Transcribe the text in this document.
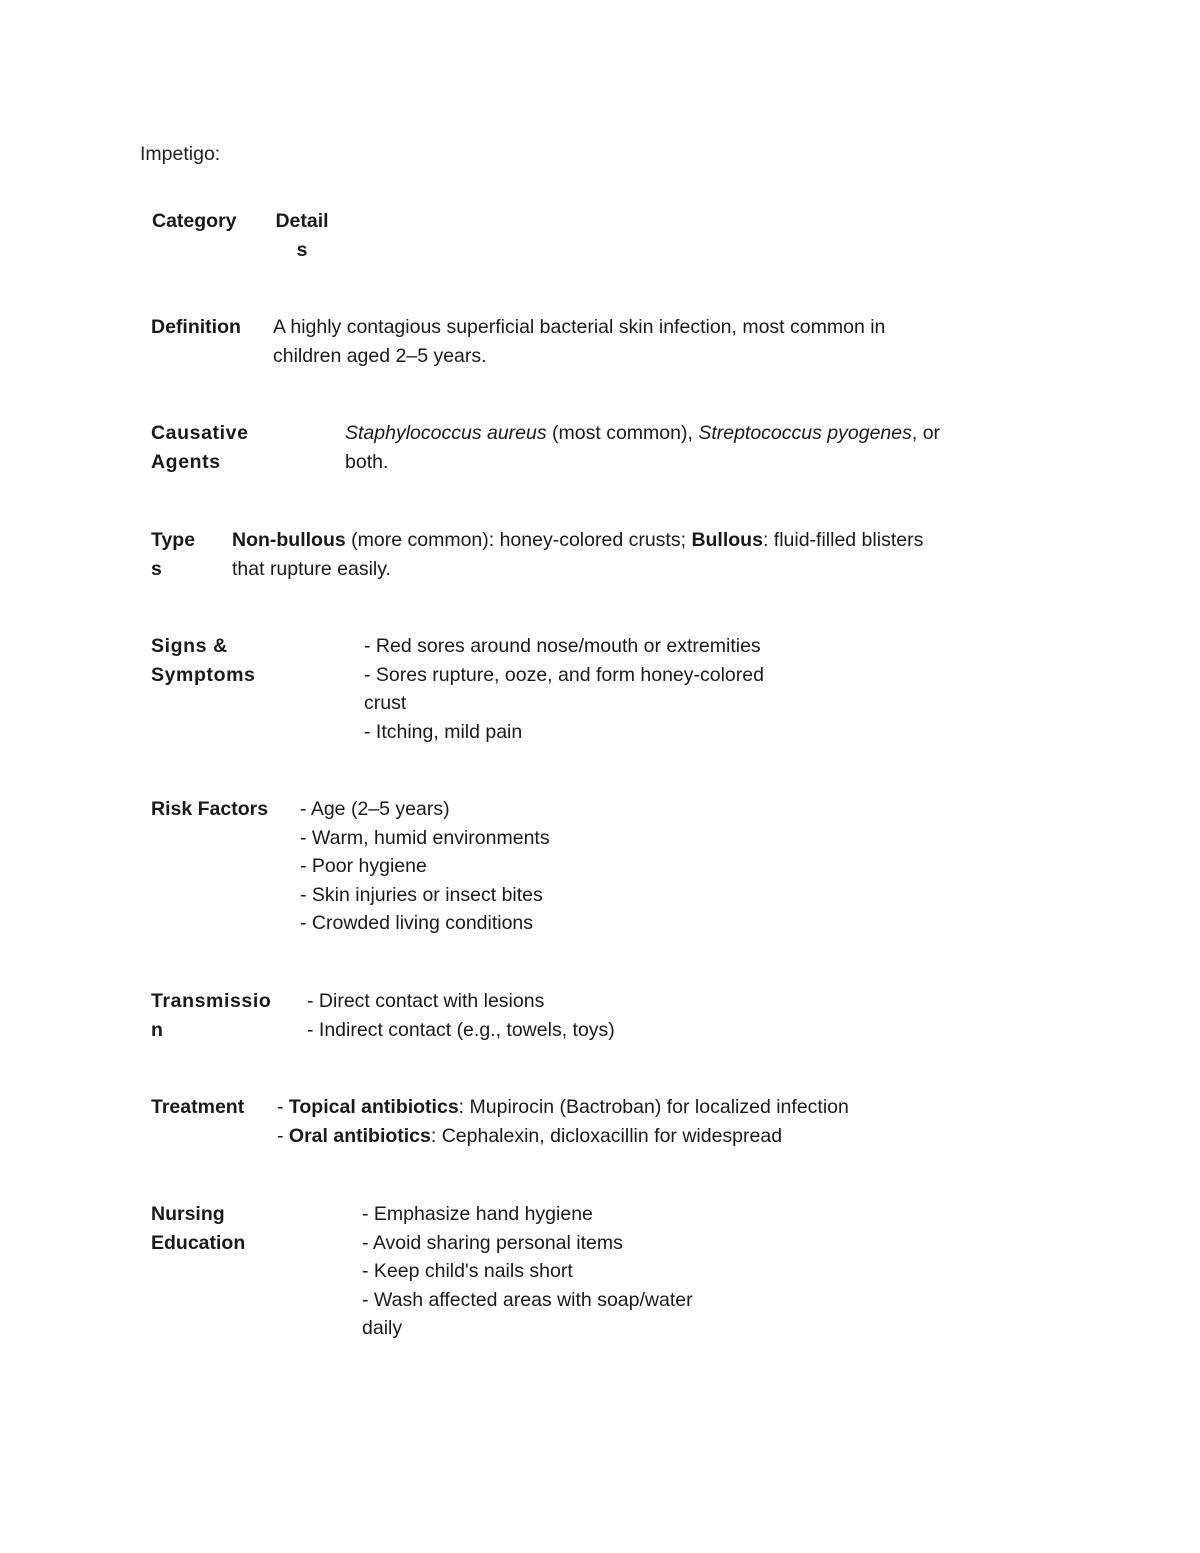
Impetigo:
Category Detail
s
Definition A highly contagious superficial bacterial skin infection, most common in
children aged 2–5 years.
Causative
Agents
Staphylococcus aureus (most common), Streptococcus pyogenes, or
both.
Type
s
Non-bullous (more common): honey-colored crusts; Bullous: fluid-filled blisters
that rupture easily.
Signs &
Symptoms
- Red sores around nose/mouth or extremities
- Sores rupture, ooze, and form honey-colored
crust
- Itching, mild pain
Risk Factors - Age (2–5 years)
- Warm, humid environments
- Poor hygiene
- Skin injuries or insect bites
- Crowded living conditions
Transmissio
n
- Direct contact with lesions
- Indirect contact (e.g., towels, toys)
Treatment - Topical antibiotics: Mupirocin (Bactroban) for localized infection
- Oral antibiotics: Cephalexin, dicloxacillin for widespread
Nursing
Education
- Emphasize hand hygiene
- Avoid sharing personal items
- Keep child's nails short
- Wash affected areas with soap/water
daily
